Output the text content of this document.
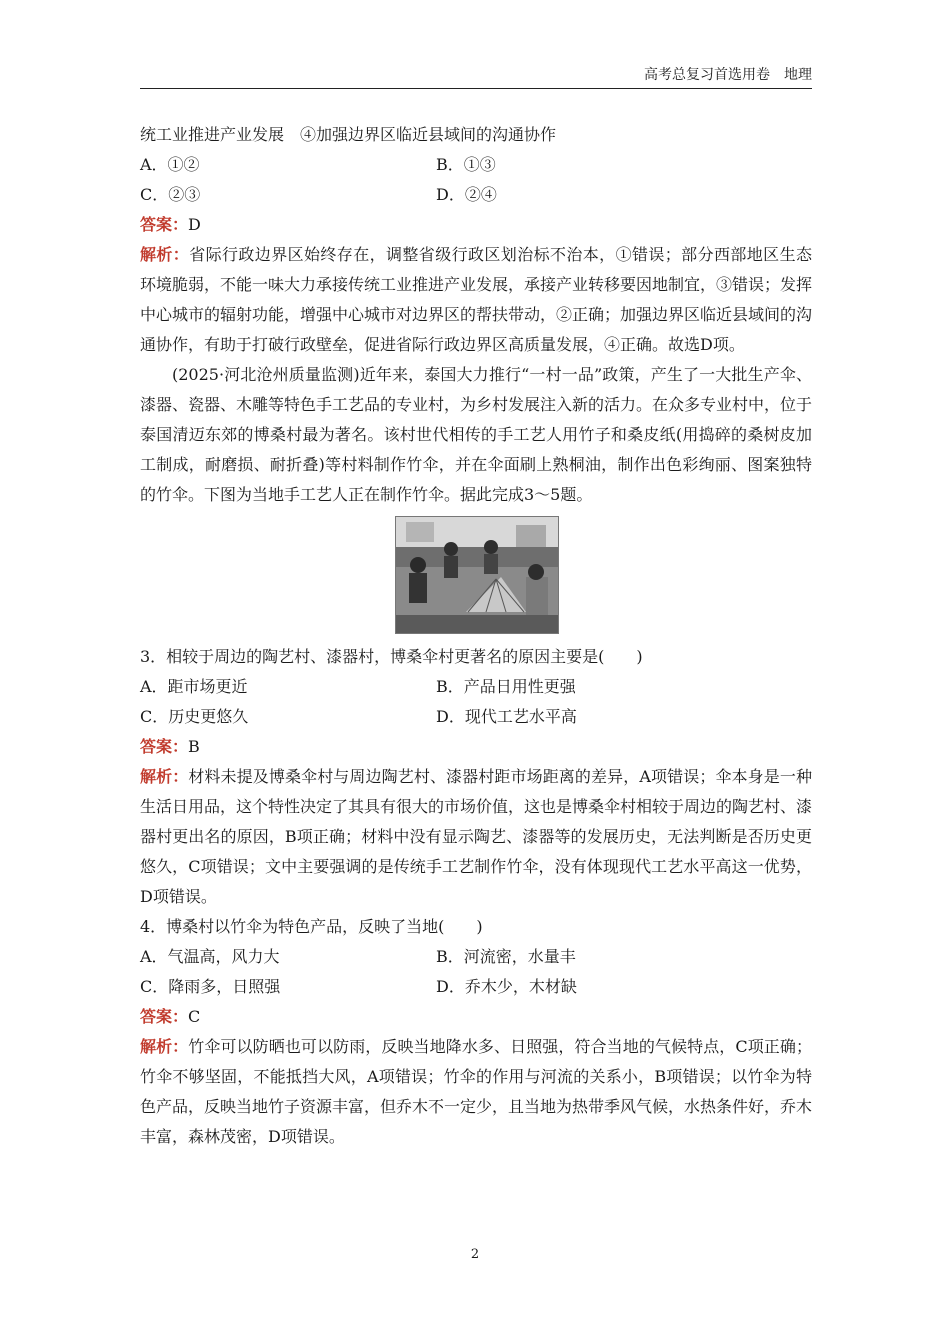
高考总复习首选用卷　地理

统工业推进产业发展　④加强边界区临近县域间的沟通协作

A．①②	B．①③
C．②③	D．②④

答案：D

解析：省际行政边界区始终存在，调整省级行政区划治标不治本，①错误；部分西部地区生态环境脆弱，不能一味大力承接传统工业推进产业发展，承接产业转移要因地制宜，③错误；发挥中心城市的辐射功能，增强中心城市对边界区的帮扶带动，②正确；加强边界区临近县域间的沟通协作，有助于打破行政壁垒，促进省际行政边界区高质量发展，④正确。故选D项。

(2025·河北沧州质量监测)近年来，泰国大力推行“一村一品”政策，产生了一大批生产伞、漆器、瓷器、木雕等特色手工艺品的专业村，为乡村发展注入新的活力。在众多专业村中，位于泰国清迈东郊的博桑村最为著名。该村世代相传的手工艺人用竹子和桑皮纸(用捣碎的桑树皮加工制成，耐磨损、耐折叠)等村料制作竹伞，并在伞面刷上熟桐油，制作出色彩绚丽、图案独特的竹伞。下图为当地手工艺人正在制作竹伞。据此完成3～5题。

3．相较于周边的陶艺村、漆器村，博桑伞村更著名的原因主要是(　　)

A．距市场更近	B．产品日用性更强
C．历史更悠久	D．现代工艺水平高

答案：B

解析：材料未提及博桑伞村与周边陶艺村、漆器村距市场距离的差异，A项错误；伞本身是一种生活日用品，这个特性决定了其具有很大的市场价值，这也是博桑伞村相较于周边的陶艺村、漆器村更出名的原因，B项正确；材料中没有显示陶艺、漆器等的发展历史，无法判断是否历史更悠久，C项错误；文中主要强调的是传统手工艺制作竹伞，没有体现现代工艺水平高这一优势，D项错误。

4．博桑村以竹伞为特色产品，反映了当地(　　)

A．气温高，风力大	B．河流密，水量丰
C．降雨多，日照强	D．乔木少，木材缺

答案：C

解析：竹伞可以防晒也可以防雨，反映当地降水多、日照强，符合当地的气候特点，C项正确；竹伞不够坚固，不能抵挡大风，A项错误；竹伞的作用与河流的关系小，B项错误；以竹伞为特色产品，反映当地竹子资源丰富，但乔木不一定少，且当地为热带季风气候，水热条件好，乔木丰富，森林茂密，D项错误。

2
